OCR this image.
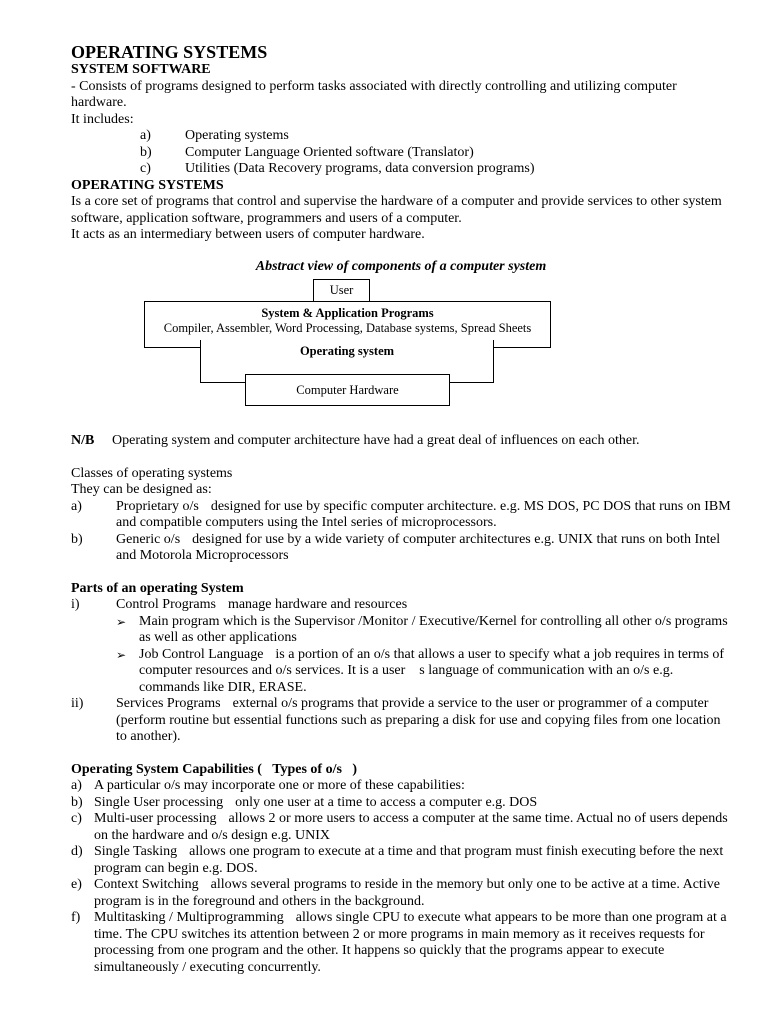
OPERATING SYSTEMS
SYSTEM SOFTWARE
- Consists of programs designed to perform tasks associated with directly controlling and utilizing computer hardware.
It includes:
a)	Operating systems
b)	Computer Language Oriented software (Translator)
c)	Utilities (Data Recovery programs, data conversion programs)
OPERATING SYSTEMS
Is a core set of programs that control and supervise the hardware of a computer and provide services to other system software, application software, programmers and users of a computer.
It acts as an intermediary between users of computer hardware.
Abstract view of components of a computer system
User
System & Application Programs
Compiler, Assembler, Word Processing, Database systems, Spread Sheets
Operating system
Computer Hardware
N/B	Operating system and computer architecture have had a great deal of influences on each other.
Classes of operating systems
They can be designed as:
a)	Proprietary o/s designed for use by specific computer architecture. e.g. MS DOS, PC DOS that runs on IBM and compatible computers using the Intel series of microprocessors.
b)	Generic o/s designed for use by a wide variety of computer architectures e.g. UNIX that runs on both Intel and Motorola Microprocessors
Parts of an operating System
i)	Control Programs manage hardware and resources
➢ Main program which is the Supervisor /Monitor / Executive/Kernel for controlling all other o/s programs as well as other applications
➢ Job Control Language is a portion of an o/s that allows a user to specify what a job requires in terms of computer resources and o/s services. It is a user  s language of communication with an o/s e.g. commands like DIR, ERASE.
ii)	Services Programs external o/s programs that provide a service to the user or programmer of a computer (perform routine but essential functions such as preparing a disk for use and copying files from one location to another).
Operating System Capabilities (  Types of o/s  )
a) A particular o/s may incorporate one or more of these capabilities:
b) Single User processing only one user at a time to access a computer e.g. DOS
c) Multi-user processing allows 2 or more users to access a computer at the same time. Actual no of users depends on the hardware and o/s design e.g. UNIX
d) Single Tasking allows one program to execute at a time and that program must finish executing before the next program can begin e.g. DOS.
e) Context Switching allows several programs to reside in the memory but only one to be active at a time. Active program is in the foreground and others in the background.
f) Multitasking / Multiprogramming allows single CPU to execute what appears to be more than one program at a time. The CPU switches its attention between 2 or more programs in main memory as it receives requests for processing from one program and the other. It happens so quickly that the programs appear to execute simultaneously / executing concurrently.
